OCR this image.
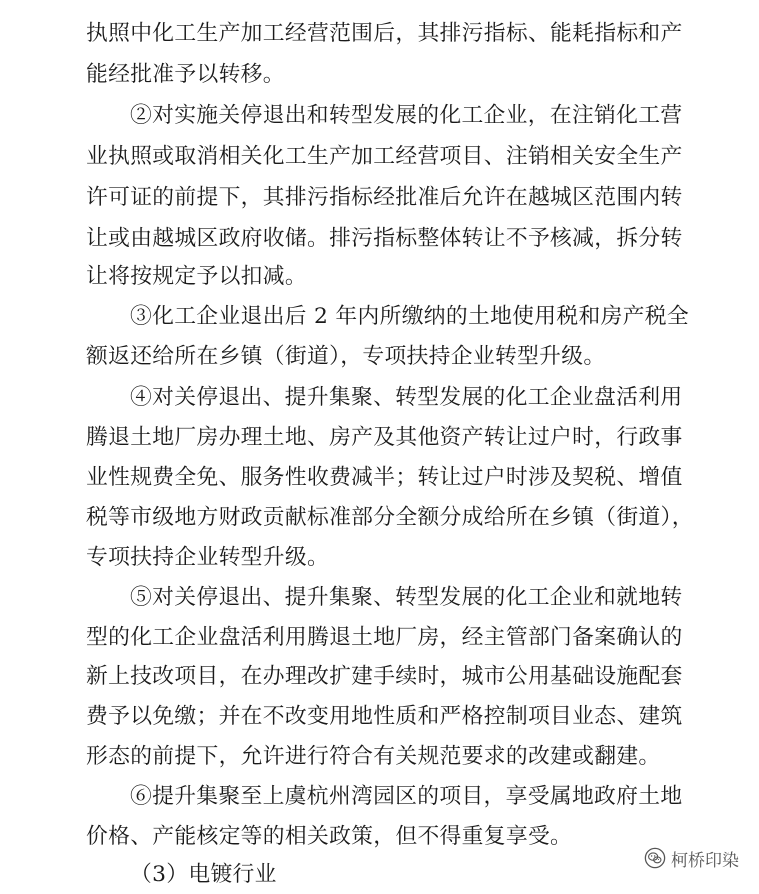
执照中化工生产加工经营范围后，其排污指标、能耗指标和产
能经批准予以转移。
②对实施关停退出和转型发展的化工企业，在注销化工营
业执照或取消相关化工生产加工经营项目、注销相关安全生产
许可证的前提下，其排污指标经批准后允许在越城区范围内转
让或由越城区政府收储。排污指标整体转让不予核减，拆分转
让将按规定予以扣减。
③化工企业退出后 2 年内所缴纳的土地使用税和房产税全
额返还给所在乡镇（街道），专项扶持企业转型升级。
④对关停退出、提升集聚、转型发展的化工企业盘活利用
腾退土地厂房办理土地、房产及其他资产转让过户时，行政事
业性规费全免、服务性收费减半；转让过户时涉及契税、增值
税等市级地方财政贡献标准部分全额分成给所在乡镇（街道），
专项扶持企业转型升级。
⑤对关停退出、提升集聚、转型发展的化工企业和就地转
型的化工企业盘活利用腾退土地厂房，经主管部门备案确认的
新上技改项目，在办理改扩建手续时，城市公用基础设施配套
费予以免缴；并在不改变用地性质和严格控制项目业态、建筑
形态的前提下，允许进行符合有关规范要求的改建或翻建。
⑥提升集聚至上虞杭州湾园区的项目，享受属地政府土地
价格、产能核定等的相关政策，但不得重复享受。
（3）电镀行业
柯桥印染
